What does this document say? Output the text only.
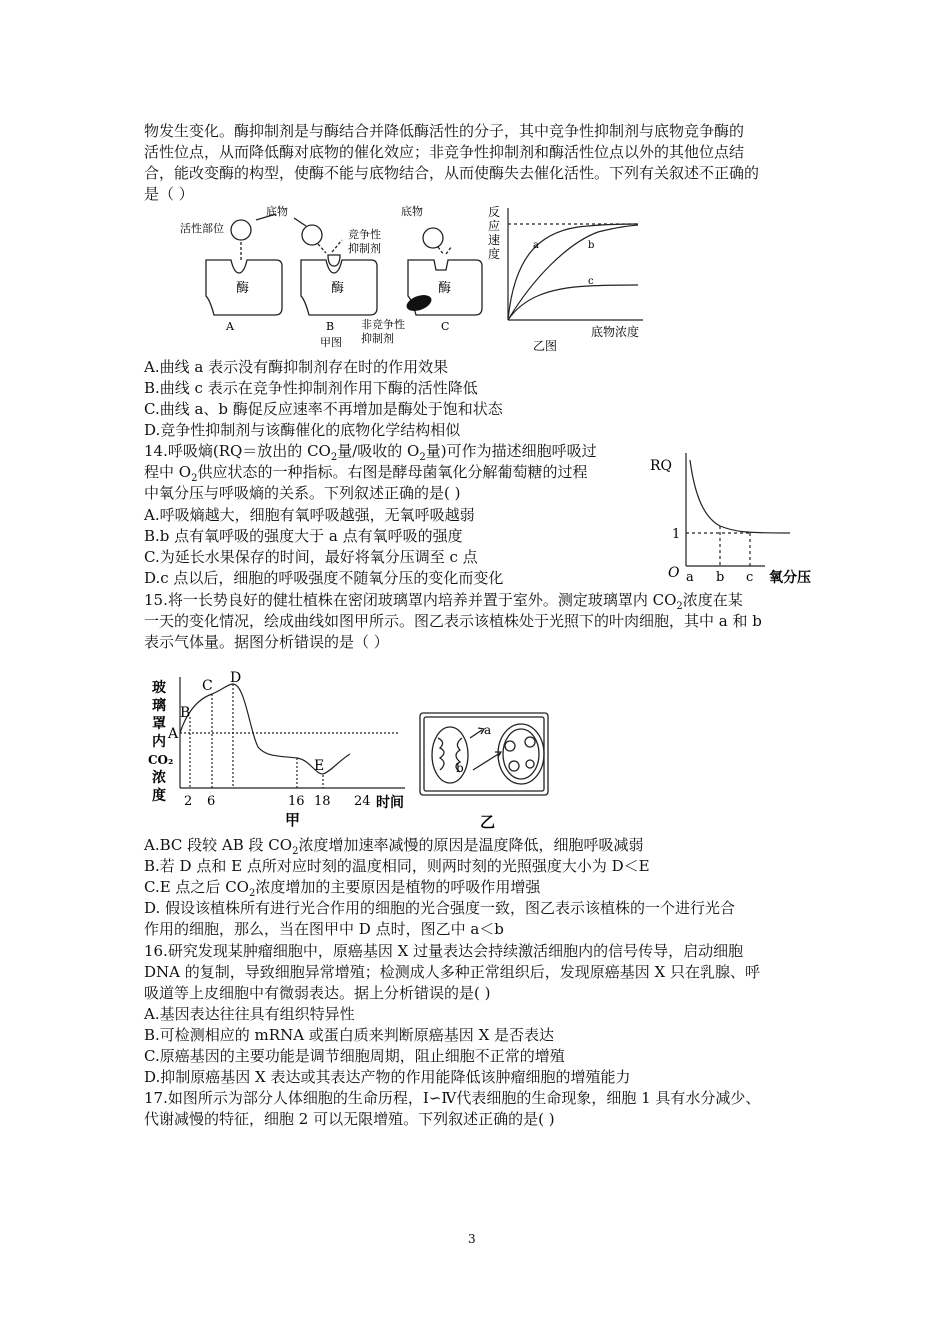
物发生变化。酶抑制剂是与酶结合并降低酶活性的分子，其中竞争性抑制剂与底物竞争酶的
活性位点，从而降低酶对底物的催化效应；非竞争性抑制剂和酶活性位点以外的其他位点结
合，能改变酶的构型，使酶不能与底物结合，从而使酶失去催化活性。下列有关叙述不正确的
是（ ）
活性部位
底物	底物
竞争性
抑制剂
酶	酶	酶
A	B	C
非竞争性
抑制剂
甲图
反
应
速
度
a	b
c
底物浓度
乙图
A.曲线 a 表示没有酶抑制剂存在时的作用效果
B.曲线 c 表示在竞争性抑制剂作用下酶的活性降低
C.曲线 a、b 酶促反应速率不再增加是酶处于饱和状态
D.竞争性抑制剂与该酶催化的底物化学结构相似
14.呼吸熵(RQ＝放出的 $CO_2$量/吸收的 $O_2$量)可作为描述细胞呼吸过
程中 $O_2$供应状态的一种指标。右图是酵母菌氧化分解葡萄糖的过程
中氧分压与呼吸熵的关系。下列叙述正确的是( )
A.呼吸熵越大，细胞有氧呼吸越强，无氧呼吸越弱
B.b 点有氧呼吸的强度大于 a 点有氧呼吸的强度
C.为延长水果保存的时间，最好将氧分压调至 c 点
D.c 点以后，细胞的呼吸强度不随氧分压的变化而变化
RQ
1
O a b c 氧分压
15.将一长势良好的健壮植株在密闭玻璃罩内培养并置于室外。测定玻璃罩内 $CO_2$浓度在某
一天的变化情况，绘成曲线如图甲所示。图乙表示该植株处于光照下的叶肉细胞，其中 a 和 b
表示气体量。据图分析错误的是（ ）
玻
璃
罩
内
CO₂
浓
度
A
B
C D
E
2 6	16 18 24 时间
甲
a
b
乙
A.BC 段较 AB 段 $CO_2$浓度增加速率减慢的原因是温度降低，细胞呼吸减弱
B.若 D 点和 E 点所对应时刻的温度相同，则两时刻的光照强度大小为 D＜E
C.E 点之后 $CO_2$浓度增加的主要原因是植物的呼吸作用增强
D. 假设该植株所有进行光合作用的细胞的光合强度一致，图乙表示该植株的一个进行光合
作用的细胞，那么，当在图甲中 D 点时，图乙中 a＜b
16.研究发现某肿瘤细胞中，原癌基因 X 过量表达会持续激活细胞内的信号传导，启动细胞
DNA 的复制，导致细胞异常增殖；检测成人多种正常组织后，发现原癌基因 X 只在乳腺、呼
吸道等上皮细胞中有微弱表达。据上分析错误的是( )
A.基因表达往往具有组织特异性
B.可检测相应的 mRNA 或蛋白质来判断原癌基因 X 是否表达
C.原癌基因的主要功能是调节细胞周期，阻止细胞不正常的增殖
D.抑制原癌基因 X 表达或其表达产物的作用能降低该肿瘤细胞的增殖能力
17.如图所示为部分人体细胞的生命历程，Ⅰ∽Ⅳ代表细胞的生命现象，细胞 1 具有水分减少、
代谢减慢的特征，细胞 2 可以无限增殖。下列叙述正确的是( )
3
